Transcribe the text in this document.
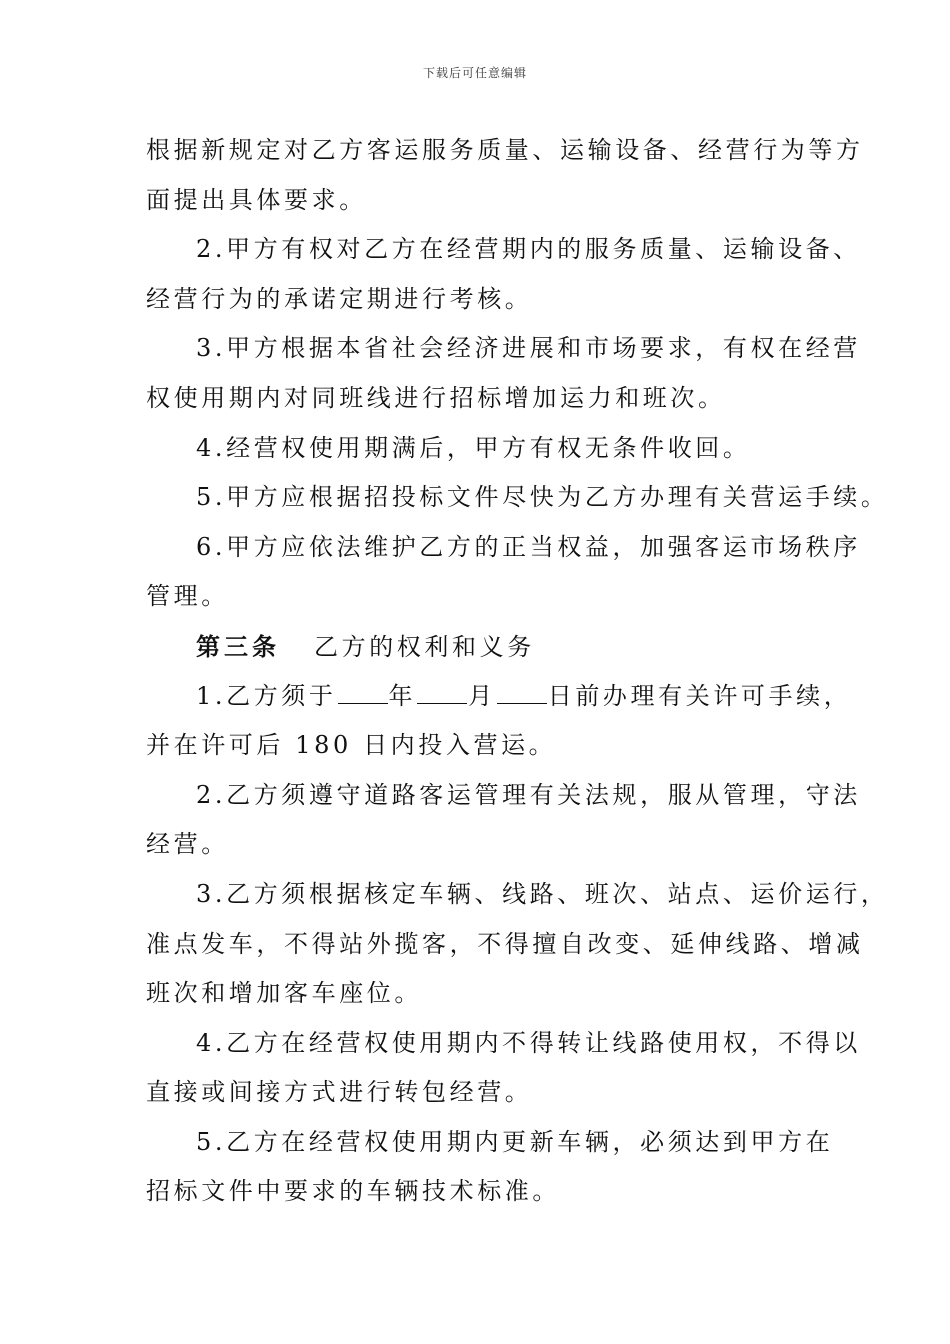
下载后可任意编辑
根据新规定对乙方客运服务质量、运输设备、经营行为等方
面提出具体要求。
2.甲方有权对乙方在经营期内的服务质量、运输设备、
经营行为的承诺定期进行考核。
3.甲方根据本省社会经济进展和市场要求，有权在经营
权使用期内对同班线进行招标增加运力和班次。
4.经营权使用期满后，甲方有权无条件收回。
5.甲方应根据招投标文件尽快为乙方办理有关营运手续。
6.甲方应依法维护乙方的正当权益，加强客运市场秩序
管理。
第三条 乙方的权利和义务
1.乙方须于 年 月 日前办理有关许可手续，
并在许可后 180 日内投入营运。
2.乙方须遵守道路客运管理有关法规，服从管理，守法
经营。
3.乙方须根据核定车辆、线路、班次、站点、运价运行，
准点发车，不得站外揽客，不得擅自改变、延伸线路、增减
班次和增加客车座位。
4.乙方在经营权使用期内不得转让线路使用权，不得以
直接或间接方式进行转包经营。
5.乙方在经营权使用期内更新车辆，必须达到甲方在
招标文件中要求的车辆技术标准。
